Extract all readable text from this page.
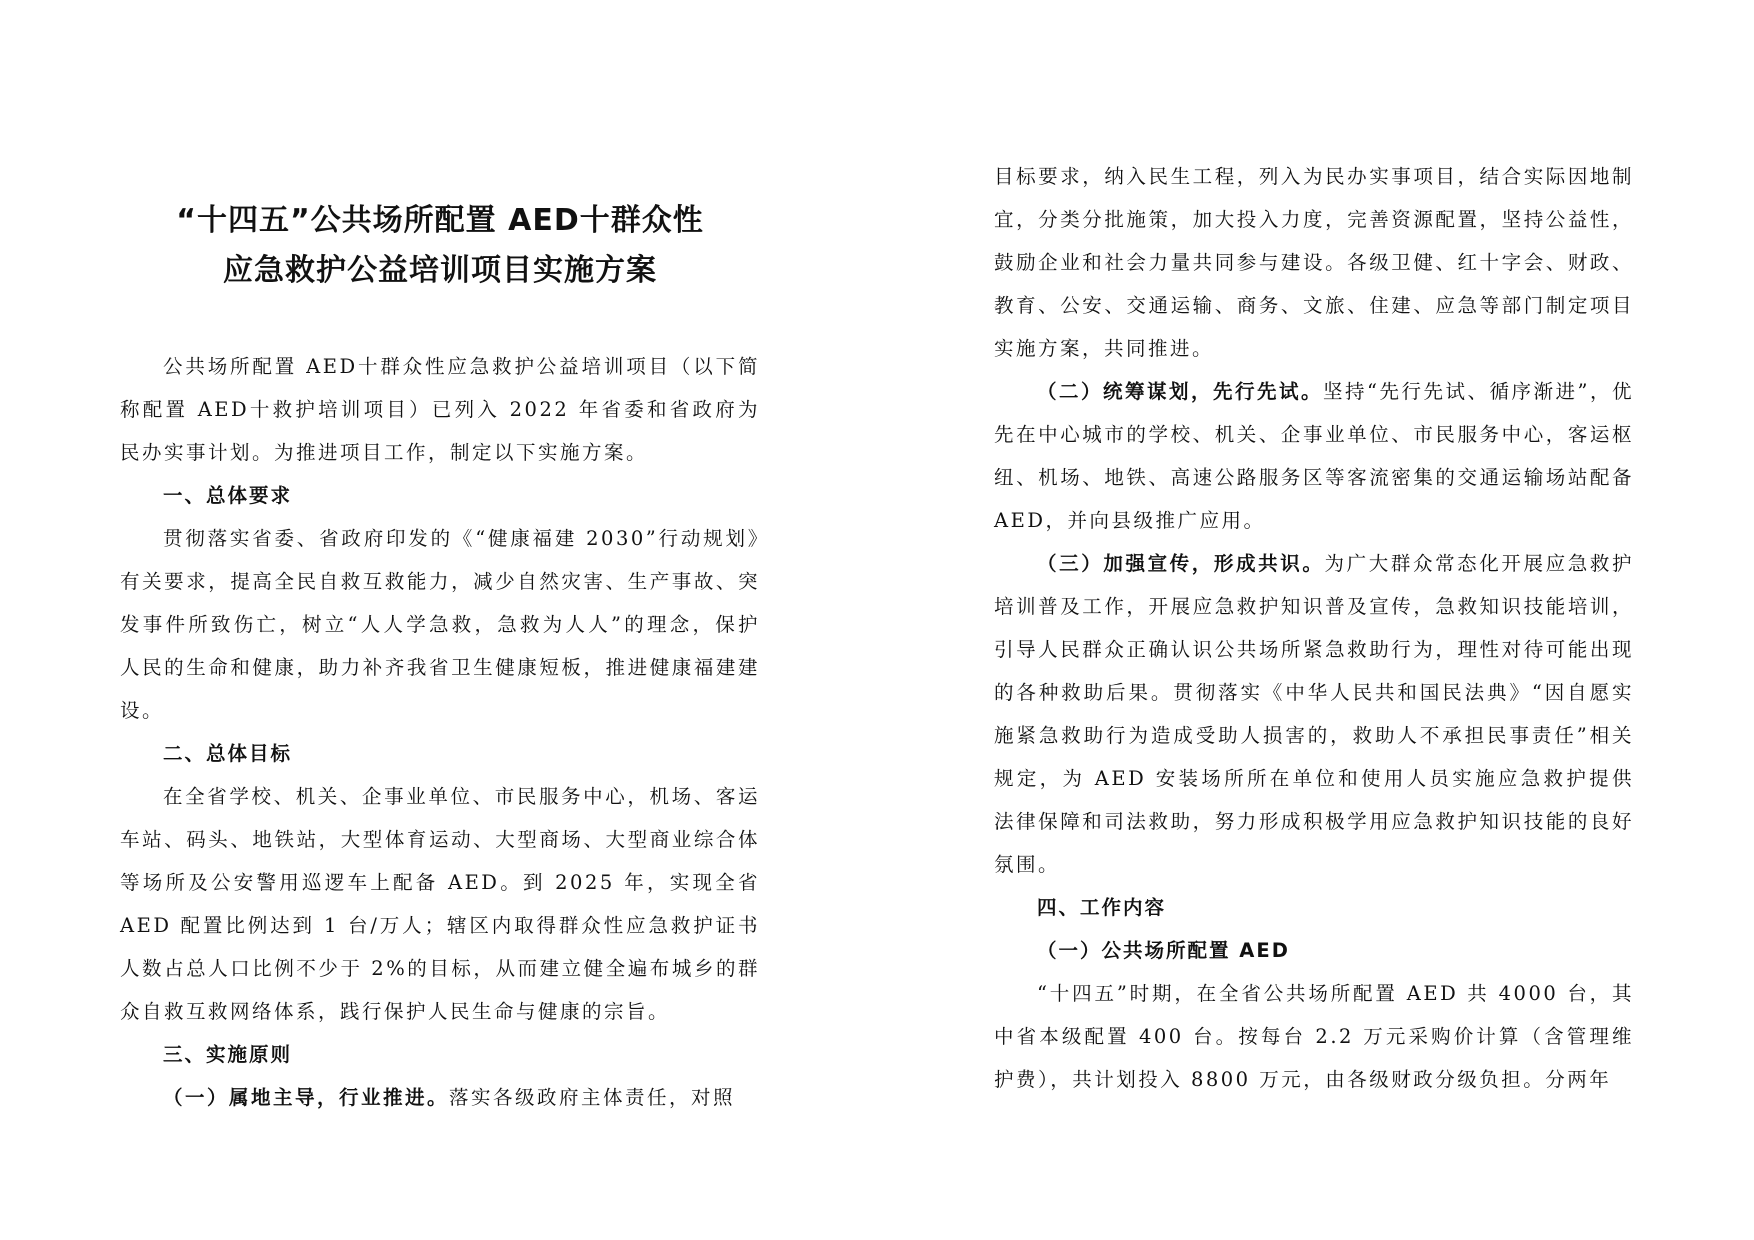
“十四五”公共场所配置 AED十群众性
应急救护公益培训项目实施方案

公共场所配置 AED十群众性应急救护公益培训项目（以下简称配置 AED十救护培训项目）已列入 2022 年省委和省政府为民办实事计划。为推进项目工作，制定以下实施方案。

一、总体要求

贯彻落实省委、省政府印发的《“健康福建 2030”行动规划》有关要求，提高全民自救互救能力，减少自然灾害、生产事故、突发事件所致伤亡，树立“人人学急救，急救为人人”的理念，保护人民的生命和健康，助力补齐我省卫生健康短板，推进健康福建建设。

二、总体目标

在全省学校、机关、企事业单位、市民服务中心，机场、客运车站、码头、地铁站，大型体育运动、大型商场、大型商业综合体等场所及公安警用巡逻车上配备 AED。到 2025 年，实现全省 AED 配置比例达到 1 台/万人；辖区内取得群众性应急救护证书人数占总人口比例不少于 2%的目标，从而建立健全遍布城乡的群众自救互救网络体系，践行保护人民生命与健康的宗旨。

三、实施原则

（一）属地主导，行业推进。落实各级政府主体责任，对照

目标要求，纳入民生工程，列入为民办实事项目，结合实际因地制宜，分类分批施策，加大投入力度，完善资源配置，坚持公益性，鼓励企业和社会力量共同参与建设。各级卫健、红十字会、财政、教育、公安、交通运输、商务、文旅、住建、应急等部门制定项目实施方案，共同推进。

（二）统筹谋划，先行先试。坚持“先行先试、循序渐进”，优先在中心城市的学校、机关、企事业单位、市民服务中心，客运枢纽、机场、地铁、高速公路服务区等客流密集的交通运输场站配备 AED，并向县级推广应用。

（三）加强宣传，形成共识。为广大群众常态化开展应急救护培训普及工作，开展应急救护知识普及宣传，急救知识技能培训，引导人民群众正确认识公共场所紧急救助行为，理性对待可能出现的各种救助后果。贯彻落实《中华人民共和国民法典》“因自愿实施紧急救助行为造成受助人损害的，救助人不承担民事责任”相关规定，为 AED 安装场所所在单位和使用人员实施应急救护提供法律保障和司法救助，努力形成积极学用应急救护知识技能的良好氛围。

四、工作内容

（一）公共场所配置 AED

“十四五”时期，在全省公共场所配置 AED 共 4000 台，其中省本级配置 400 台。按每台 2.2 万元采购价计算（含管理维护费），共计划投入 8800 万元，由各级财政分级负担。分两年
